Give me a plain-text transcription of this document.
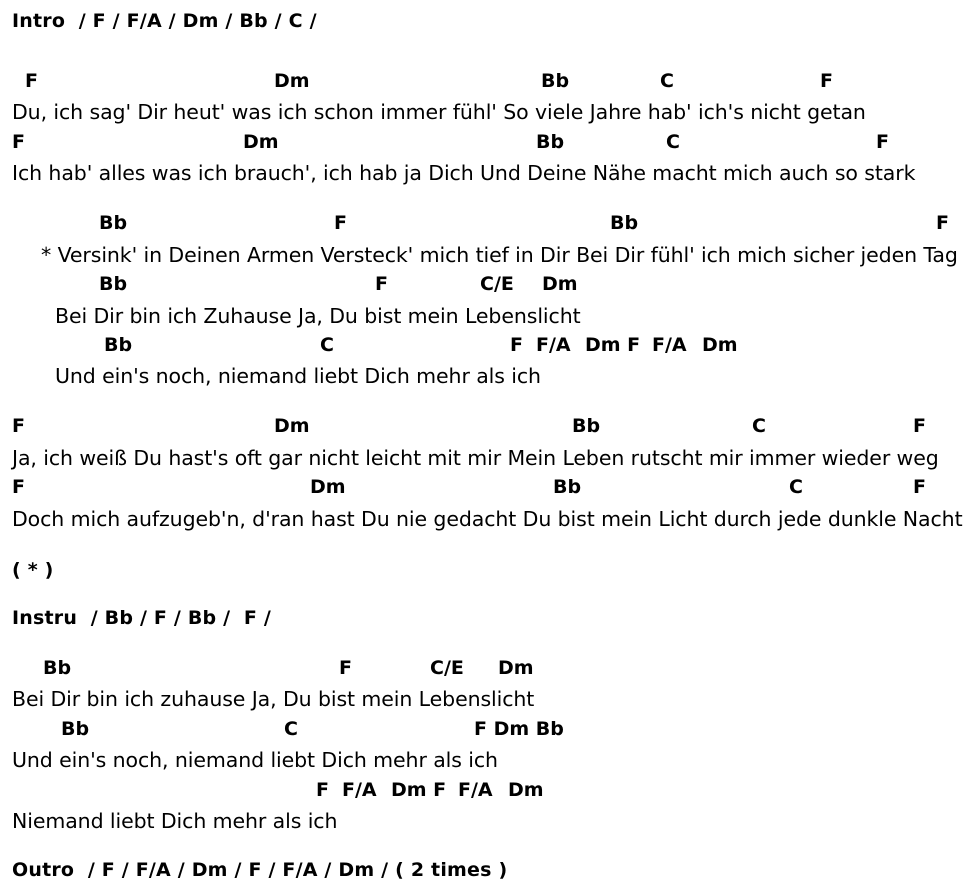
Intro  / F / F/A / Dm / Bb / C /
F	Dm	Bb	C	F
Du, ich sag' Dir heut' was ich schon immer fühl' So viele Jahre hab' ich's nicht getan
F	Dm	Bb	C	F
Ich hab' alles was ich brauch', ich hab ja Dich Und Deine Nähe macht mich auch so stark
Bb	F	Bb	F
* Versink' in Deinen Armen Versteck' mich tief in Dir Bei Dir fühl' ich mich sicher jeden Tag
Bb	F	C/E Dm
Bei Dir bin ich Zuhause Ja, Du bist mein Lebenslicht
Bb	C	F F/A Dm F F/A Dm
Und ein's noch, niemand liebt Dich mehr als ich
F	Dm	Bb	C	F
Ja, ich weiß Du hast's oft gar nicht leicht mit mir Mein Leben rutscht mir immer wieder weg
F	Dm	Bb	C	F
Doch mich aufzugeb'n, d'ran hast Du nie gedacht Du bist mein Licht durch jede dunkle Nacht
( * )
Instru  / Bb / F / Bb /  F /
Bb	F	C/E Dm
Bei Dir bin ich zuhause Ja, Du bist mein Lebenslicht
Bb	C	F Dm Bb
Und ein's noch, niemand liebt Dich mehr als ich
F F/A Dm F F/A Dm
Niemand liebt Dich mehr als ich
Outro  / F / F/A / Dm / F / F/A / Dm / ( 2 times )
